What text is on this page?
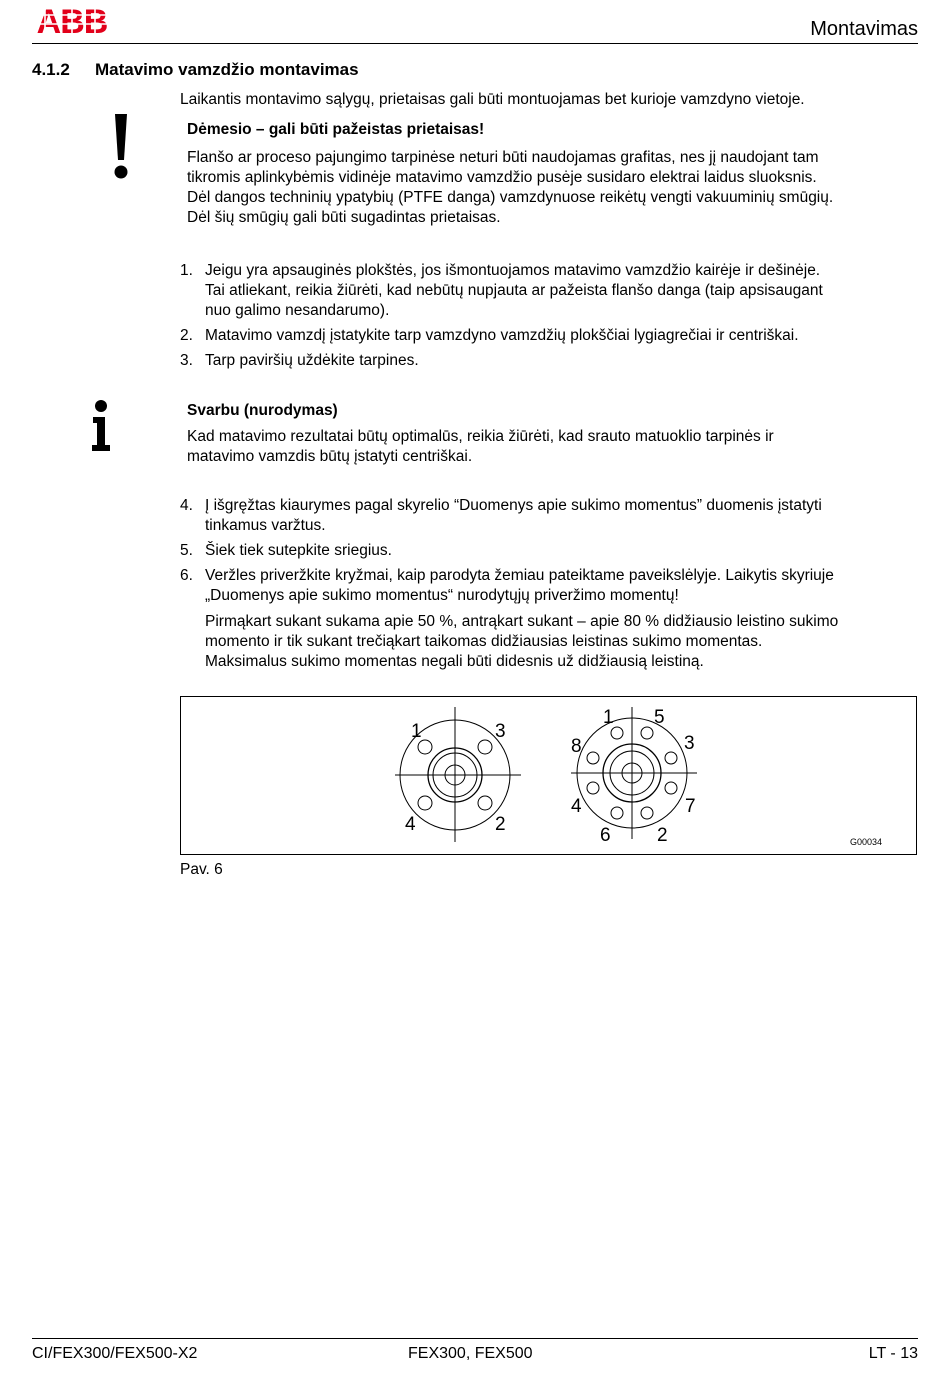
ABB	Montavimas
4.1.2 Matavimo vamzdžio montavimas
Laikantis montavimo sąlygų, prietaisas gali būti montuojamas bet kurioje vamzdyno vietoje.
Dėmesio – gali būti pažeistas prietaisas!
Flanšo ar proceso pajungimo tarpinėse neturi būti naudojamas grafitas, nes jį naudojant tam
tikromis aplinkybėmis vidinėje matavimo vamzdžio pusėje susidaro elektrai laidus sluoksnis.
Dėl dangos techninių ypatybių (PTFE danga) vamzdynuose reikėtų vengti vakuuminių smūgių.
Dėl šių smūgių gali būti sugadintas prietaisas.
1. Jeigu yra apsauginės plokštės, jos išmontuojamos matavimo vamzdžio kairėje ir dešinėje.
Tai atliekant, reikia žiūrėti, kad nebūtų nupjauta ar pažeista flanšo danga (taip apsisaugant
nuo galimo nesandarumo).
2. Matavimo vamzdį įstatykite tarp vamzdyno vamzdžių plokščiai lygiagrečiai ir centriškai.
3. Tarp paviršių uždėkite tarpines.
Svarbu (nurodymas)
Kad matavimo rezultatai būtų optimalūs, reikia žiūrėti, kad srauto matuoklio tarpinės ir
matavimo vamzdis būtų įstatyti centriškai.
4. Į išgręžtas kiaurymes pagal skyrelio “Duomenys apie sukimo momentus” duomenis įstatyti
tinkamus varžtus.
5. Šiek tiek sutepkite sriegius.
6. Veržles priveržkite kryžmai, kaip parodyta žemiau pateiktame paveikslėlyje. Laikytis skyriuje
„Duomenys apie sukimo momentus“ nurodytųjų priveržimo momentų!
Pirmąkart sukant sukama apie 50 %, antrąkart sukant – apie 80 % didžiausio leistino sukimo
momento ir tik sukant trečiąkart taikomas didžiausias leistinas sukimo momentas.
Maksimalus sukimo momentas negali būti didesnis už didžiausią leistiną.
1	3
4	2
1 5
8	3
4	7
6 2	G00034
Pav. 6
CI/FEX300/FEX500-X2	FEX300, FEX500	LT - 13
